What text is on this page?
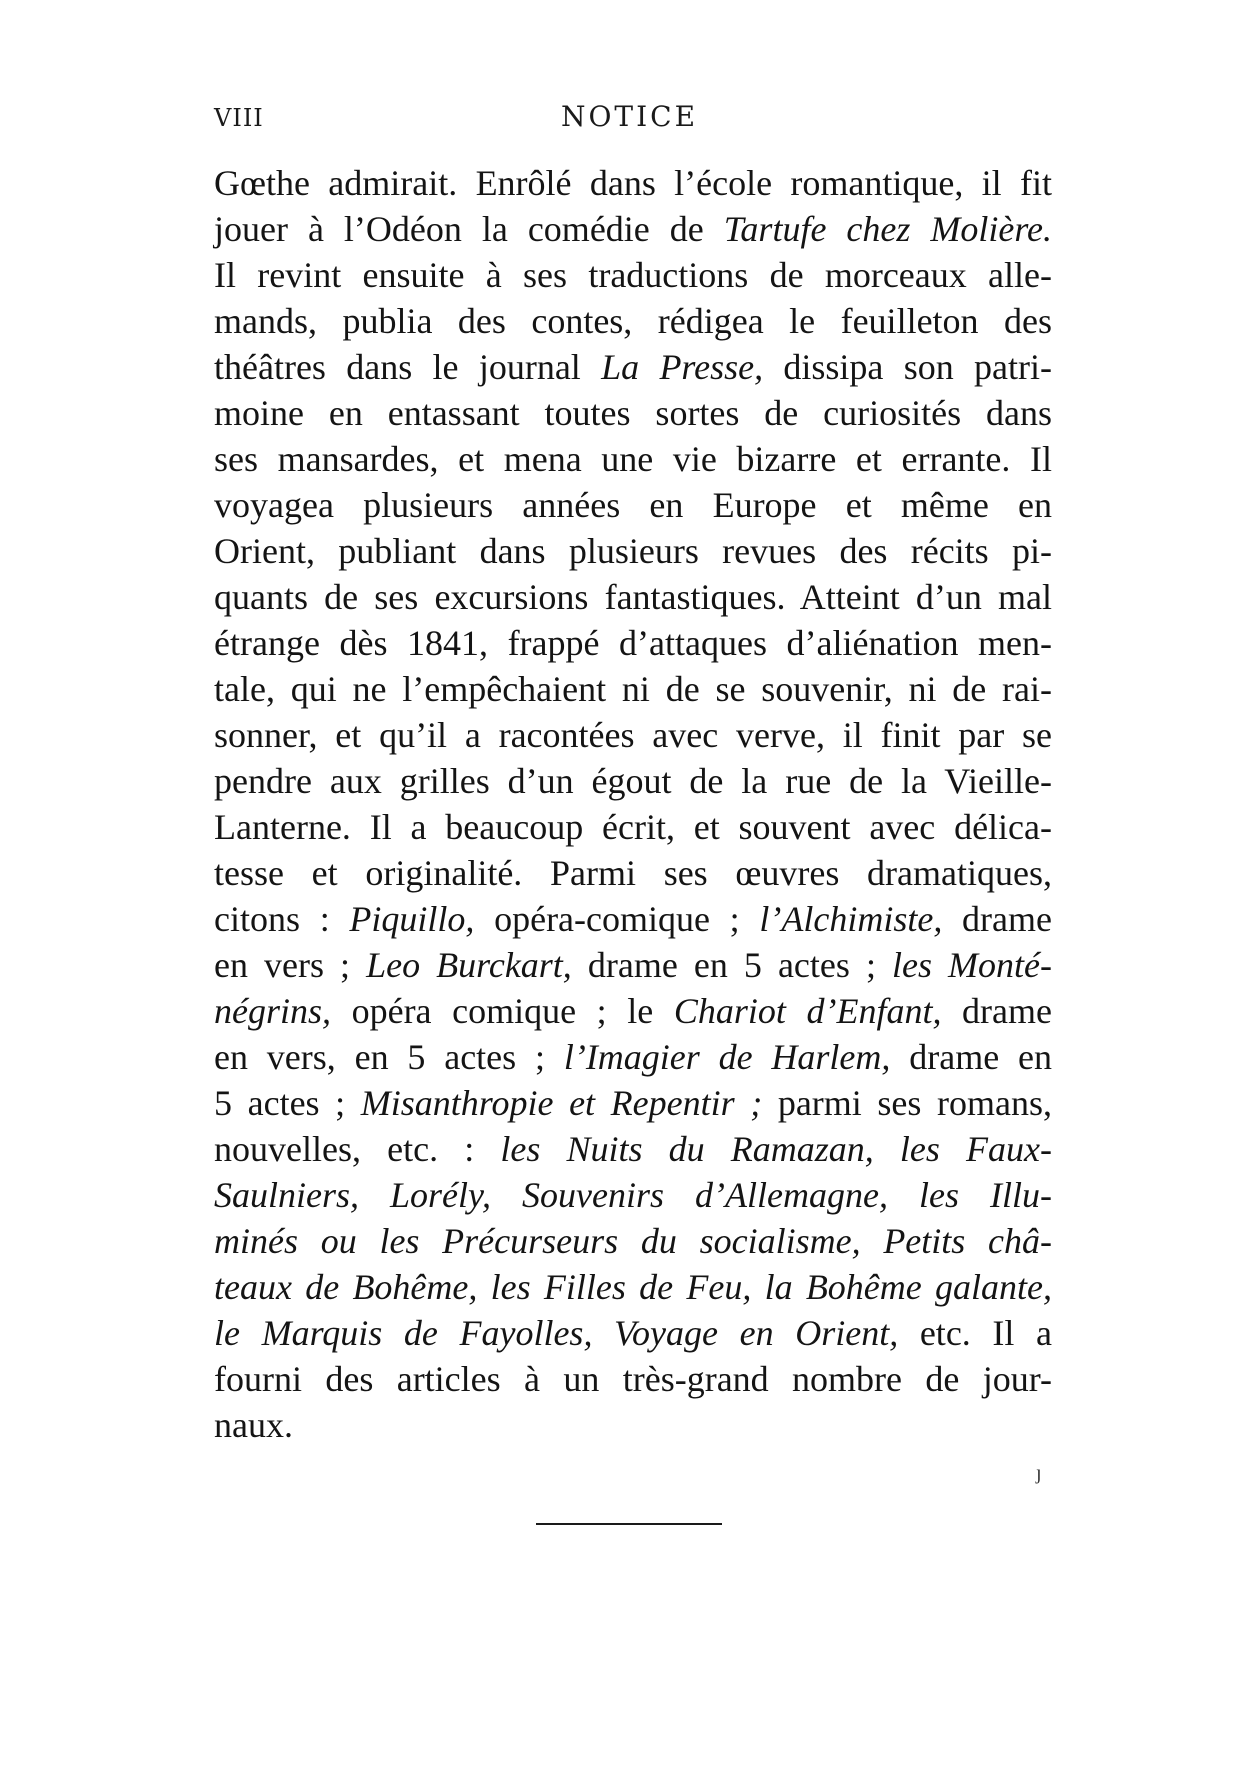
VIII	NOTICE
Gœthe admirait. Enrôlé dans l’école romantique, il fit
jouer à l’Odéon la comédie de Tartufe chez Molière.
Il revint ensuite à ses traductions de morceaux alle-
mands, publia des contes, rédigea le feuilleton des
théâtres dans le journal La Presse, dissipa son patri-
moine en entassant toutes sortes de curiosités dans
ses mansardes, et mena une vie bizarre et errante. Il
voyagea plusieurs années en Europe et même en
Orient, publiant dans plusieurs revues des récits pi-
quants de ses excursions fantastiques. Atteint d’un mal
étrange dès 1841, frappé d’attaques d’aliénation men-
tale, qui ne l’empêchaient ni de se souvenir, ni de rai-
sonner, et qu’il a racontées avec verve, il finit par se
pendre aux grilles d’un égout de la rue de la Vieille-
Lanterne. Il a beaucoup écrit, et souvent avec délica-
tesse et originalité. Parmi ses œuvres dramatiques,
citons : Piquillo, opéra-comique ; l’Alchimiste, drame
en vers ; Leo Burckart, drame en 5 actes ; les Monté-
négrins, opéra comique ; le Chariot d’Enfant, drame
en vers, en 5 actes ; l’Imagier de Harlem, drame en
5 actes ; Misanthropie et Repentir ; parmi ses romans,
nouvelles, etc. : les Nuits du Ramazan, les Faux-
Saulniers, Lorély, Souvenirs d’Allemagne, les Illu-
minés ou les Précurseurs du socialisme, Petits châ-
teaux de Bohême, les Filles de Feu, la Bohême galante,
le Marquis de Fayolles, Voyage en Orient, etc. Il a
fourni des articles à un très-grand nombre de jour-
naux.
ȷ
